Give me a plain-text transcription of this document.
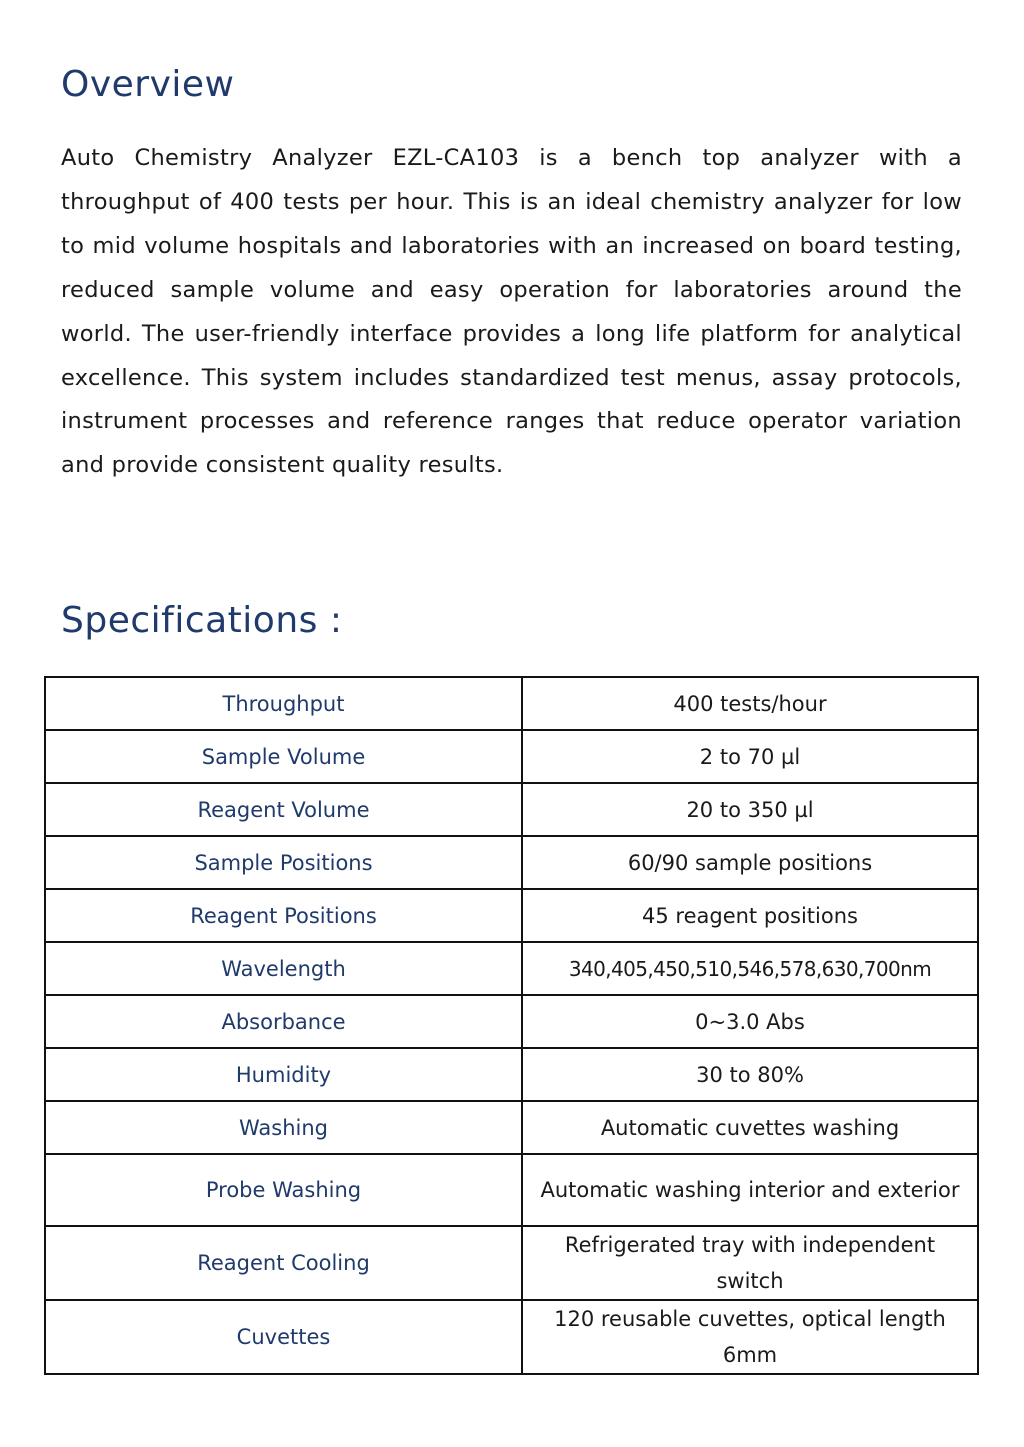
Overview

Auto Chemistry Analyzer EZL-CA103 is a bench top analyzer with a throughput of 400 tests per hour. This is an ideal chemistry analyzer for low to mid volume hospitals and laboratories with an increased on board testing, reduced sample volume and easy operation for laboratories around the world. The user-friendly interface provides a long life platform for analytical excellence. This system includes standardized test menus, assay protocols, instrument processes and reference ranges that reduce operator variation and provide consistent quality results.

Specifications :
Throughput	400 tests/hour
Sample Volume	2 to 70 µl
Reagent Volume	20 to 350 µl
Sample Positions	60/90 sample positions
Reagent Positions	45 reagent positions
Wavelength	340,405,450,510,546,578,630,700nm
Absorbance	0~3.0 Abs
Humidity	30 to 80%
Washing	Automatic cuvettes washing
Probe Washing	Automatic washing interior and exterior
Reagent Cooling	Refrigerated tray with independent switch
Cuvettes	120 reusable cuvettes, optical length 6mm
